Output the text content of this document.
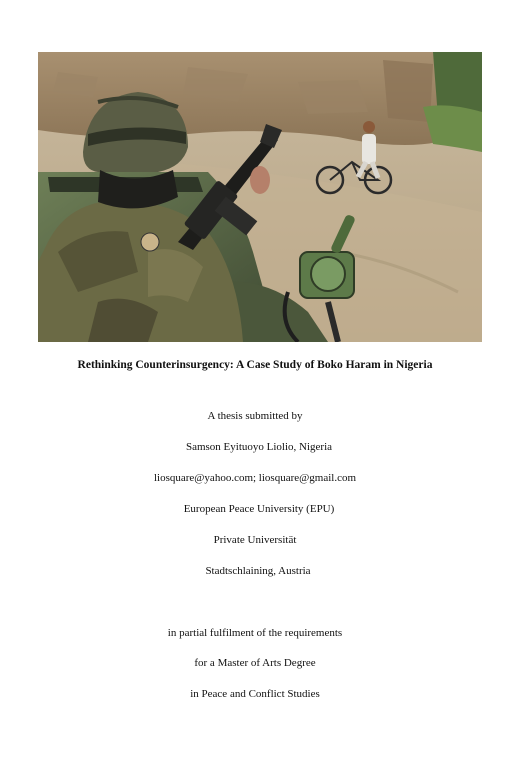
Rethinking Counterinsurgency: A Case Study of Boko Haram in Nigeria
A thesis submitted by
Samson Eyituoyo Liolio, Nigeria
liosquare@yahoo.com; liosquare@gmail.com
European Peace University (EPU)
Private Universität
Stadtschlaining, Austria
in partial fulfilment of the requirements
for a Master of Arts Degree
in Peace and Conflict Studies
